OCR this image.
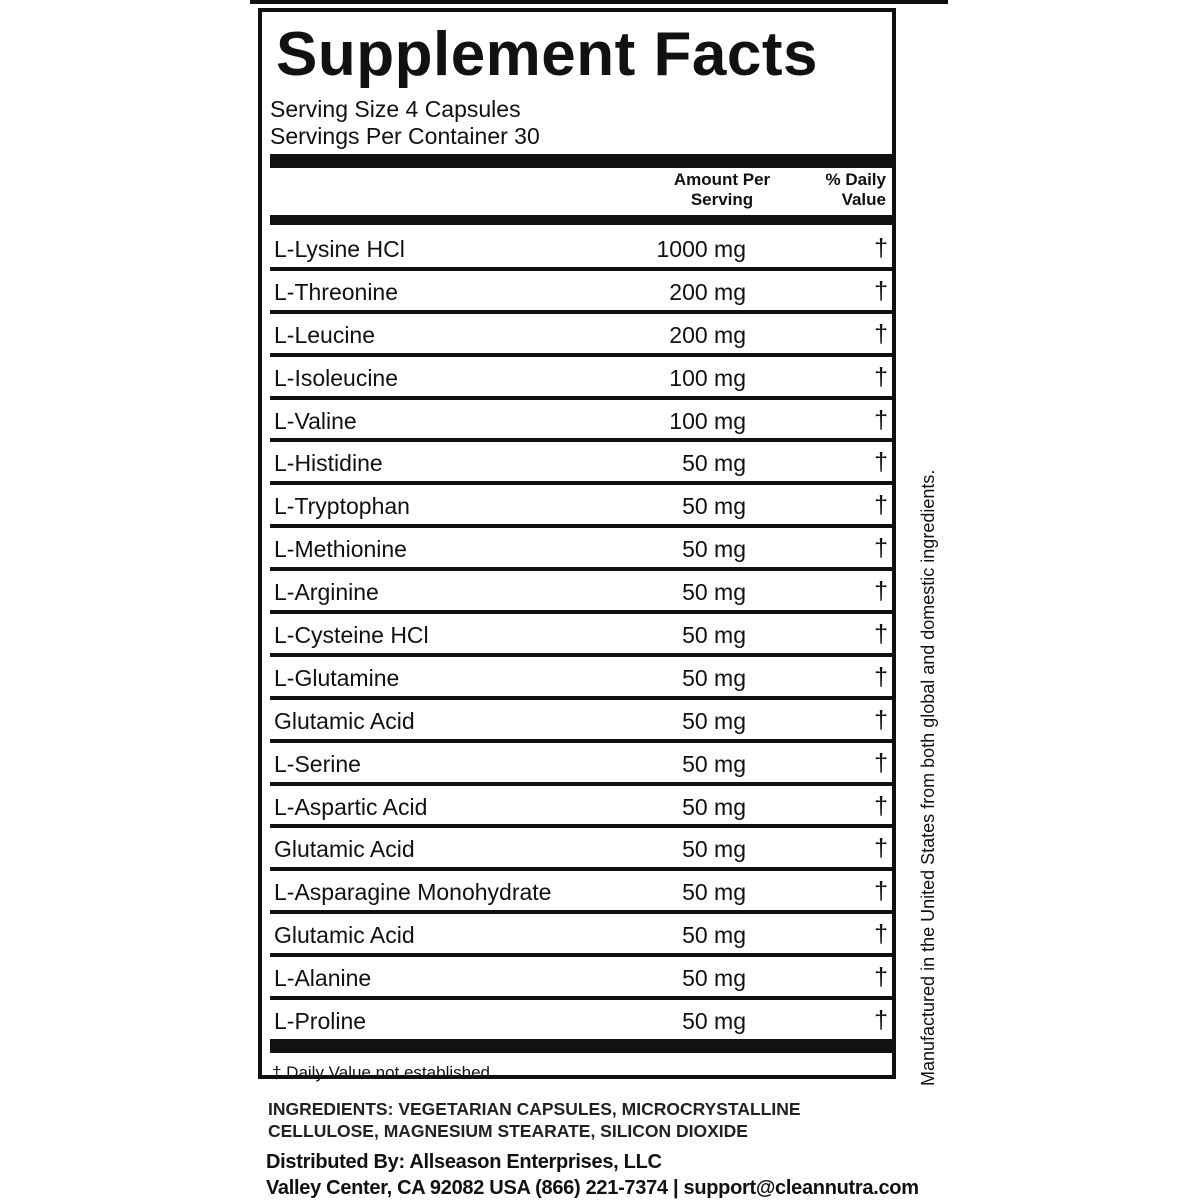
Supplement Facts
Serving Size 4 Capsules
Servings Per Container 30
Amount Per
Serving
% Daily
Value
L-Lysine HCl	1000 mg	†
L-Threonine	200 mg	†
L-Leucine	200 mg	†
L-Isoleucine	100 mg	†
L-Valine	100 mg	†
L-Histidine	50 mg	†
L-Tryptophan	50 mg	†
L-Methionine	50 mg	†
L-Arginine	50 mg	†
L-Cysteine HCl	50 mg	†
L-Glutamine	50 mg	†
Glutamic Acid	50 mg	†
L-Serine	50 mg	†
L-Aspartic Acid	50 mg	†
Glutamic Acid	50 mg	†
L-Asparagine Monohydrate	50 mg	†
Glutamic Acid	50 mg	†
L-Alanine	50 mg	†
L-Proline	50 mg	†
† Daily Value not established.	Manufactured in the United States from both global and domestic ingredients.
INGREDIENTS: VEGETARIAN CAPSULES, MICROCRYSTALLINE CELLULOSE, MAGNESIUM STEARATE, SILICON DIOXIDE
Distributed By: Allseason Enterprises, LLC
Valley Center, CA 92082 USA (866) 221-7374 | support@cleannutra.com
